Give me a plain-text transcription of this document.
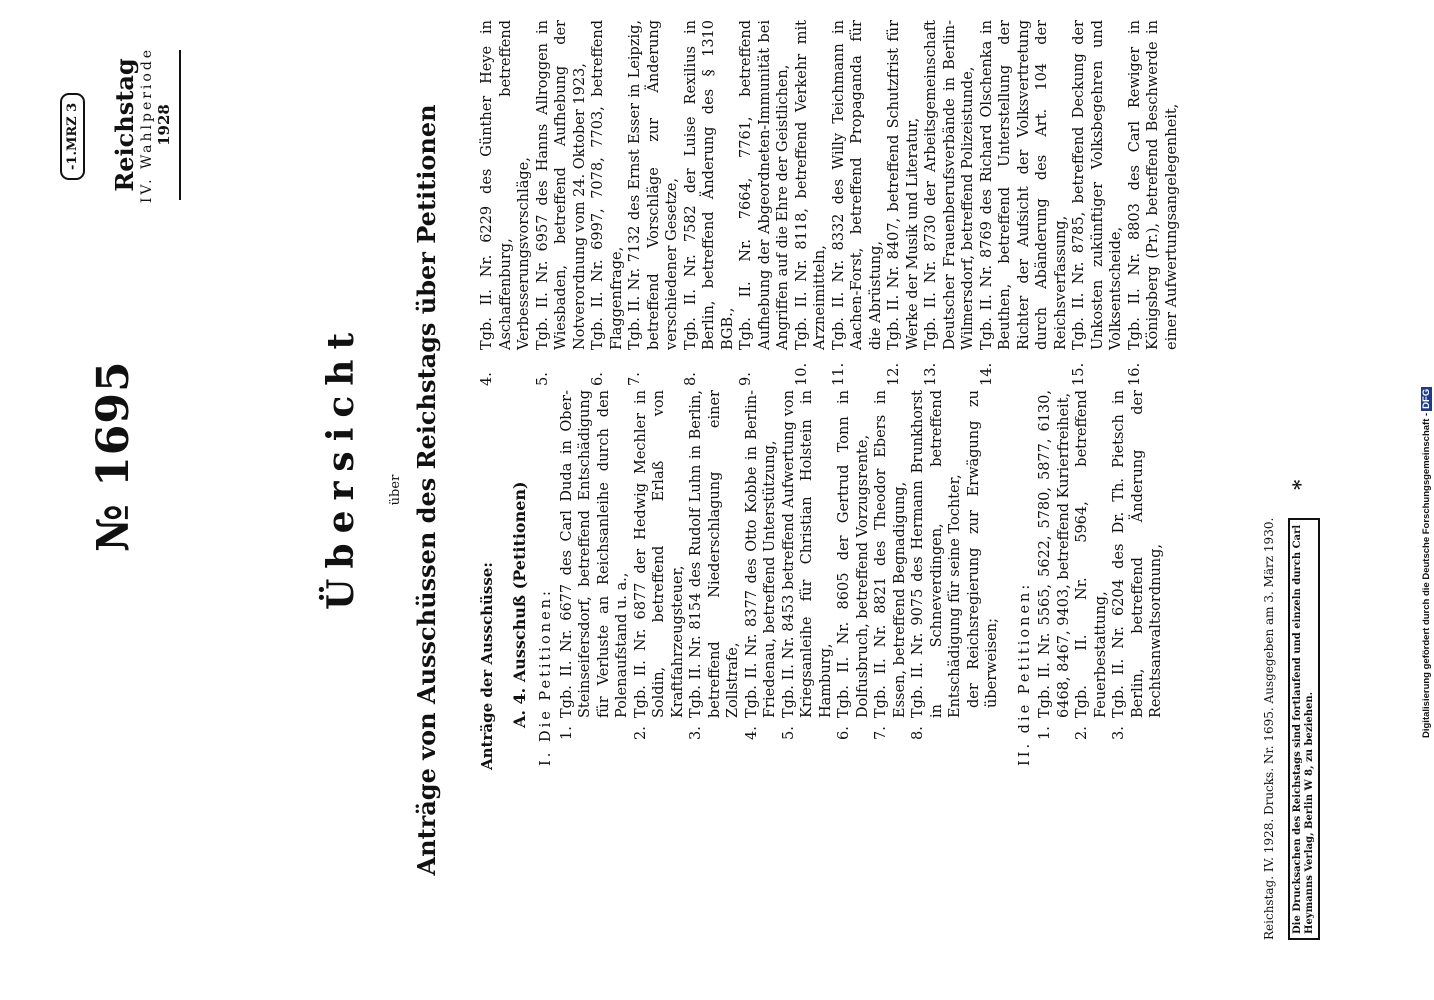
№ 1695
-1.MRZ 3 Reichstag IV. Wahlperiode 1928
Übersicht über Anträge von Ausschüssen des Reichstags über Petitionen Anträge der Ausschüsse: A. 4. Ausschuß (Petitionen) I. Die Petitionen: 1.
Tgb. II. Nr. 6677 des Carl Duda in Ober-Steinseifersdorf, betreffend Entschädigung für Verluste an Reichsanleihe durch den Polenaufstand u. a.,
2.
Tgb. II. Nr. 6877 der Hedwig Mechler in Soldin, betreffend Erlaß von Kraftfahrzeugsteuer,
3.
Tgb. II. Nr. 8154 des Rudolf Luhn in Berlin, betreffend Niederschlagung einer Zollstrafe,
4.
Tgb. II. Nr. 8377 des Otto Kobbe in Berlin-Friedenau, betreffend Unterstützung,
5.
Tgb. II. Nr. 8453 betreffend Aufwertung von Kriegsanleihe für Christian Holstein in Hamburg,
6.
Tgb. II. Nr. 8605 der Gertrud Tonn in Dolfusbruch, betreffend Vorzugsrente,
7.
Tgb. II. Nr. 8821 des Theodor Ebers in Essen, betreffend Begnadigung,
8.
Tgb. II. Nr. 9075 des Hermann Brunkhorst in Schneverdingen, betreffend Entschädigung für seine Tochter, der Reichsregierung zur Erwägung zu überweisen; II. die Petitionen: 1.
Tgb. II. Nr. 5565, 5622, 5780, 5877, 6130, 6468, 8467, 9403, betreffend Kurierfreiheit,
2.
Tgb. II. Nr. 5964, betreffend Feuerbestattung,
3.
Tgb. II. Nr. 6204 des Dr. Th. Pietsch in Berlin, betreffend Änderung der Rechtsanwaltsordnung,
4.
Tgb. II. Nr. 6229 des Günther Heye in Aschaffenburg, betreffend Verbesserungsvorschläge,
5.
Tgb. II. Nr. 6957 des Hanns Allroggen in Wiesbaden, betreffend Aufhebung der Notverordnung vom 24. Oktober 1923,
6.
Tgb. II. Nr. 6997, 7078, 7703, betreffend Flaggenfrage,
7.
Tgb. II. Nr. 7132 des Ernst Esser in Leipzig, betreffend Vorschläge zur Änderung verschiedener Gesetze,
8.
Tgb. II. Nr. 7582 der Luise Rexilius in Berlin, betreffend Änderung des § 1310 BGB.,
9.
Tgb. II. Nr. 7664, 7761, betreffend Aufhebung der Abgeordneten-Immunität bei Angriffen auf die Ehre der Geistlichen,
10.
Tgb. II. Nr. 8118, betreffend Verkehr mit Arzneimitteln,
11.
Tgb. II. Nr. 8332 des Willy Teichmann in Aachen-Forst, betreffend Propaganda für die Abrüstung,
12.
Tgb. II. Nr. 8407, betreffend Schutzfrist für Werke der Musik und Literatur,
13.
Tgb. II. Nr. 8730 der Arbeitsgemeinschaft Deutscher Frauenberufsverbände in Berlin-Wilmersdorf, betreffend Polizeistunde,
14.
Tgb. II. Nr. 8769 des Richard Olschenka in Beuthen, betreffend Unterstellung der Richter der Aufsicht der Volksvertretung durch Abänderung des Art. 104 der Reichsverfassung,
15.
Tgb. II. Nr. 8785, betreffend Deckung der Unkosten zukünftiger Volksbegehren und Volksentscheide,
16.
Tgb. II. Nr. 8803 des Carl Rewiger in Königsberg (Pr.), betreffend Beschwerde in einer Aufwertungsangelegenheit,
Reichstag. IV. 1928. Drucks. Nr. 1695. Ausgegeben am 3. März 1930.	Die Drucksachen des Reichstags sind fortlaufend und einzeln durch Carl Heymanns Verlag, Berlin W 8, zu beziehen.
*	Digitalisierung gefördert durch die Deutsche Forschungsgemeinschaft -DFG
